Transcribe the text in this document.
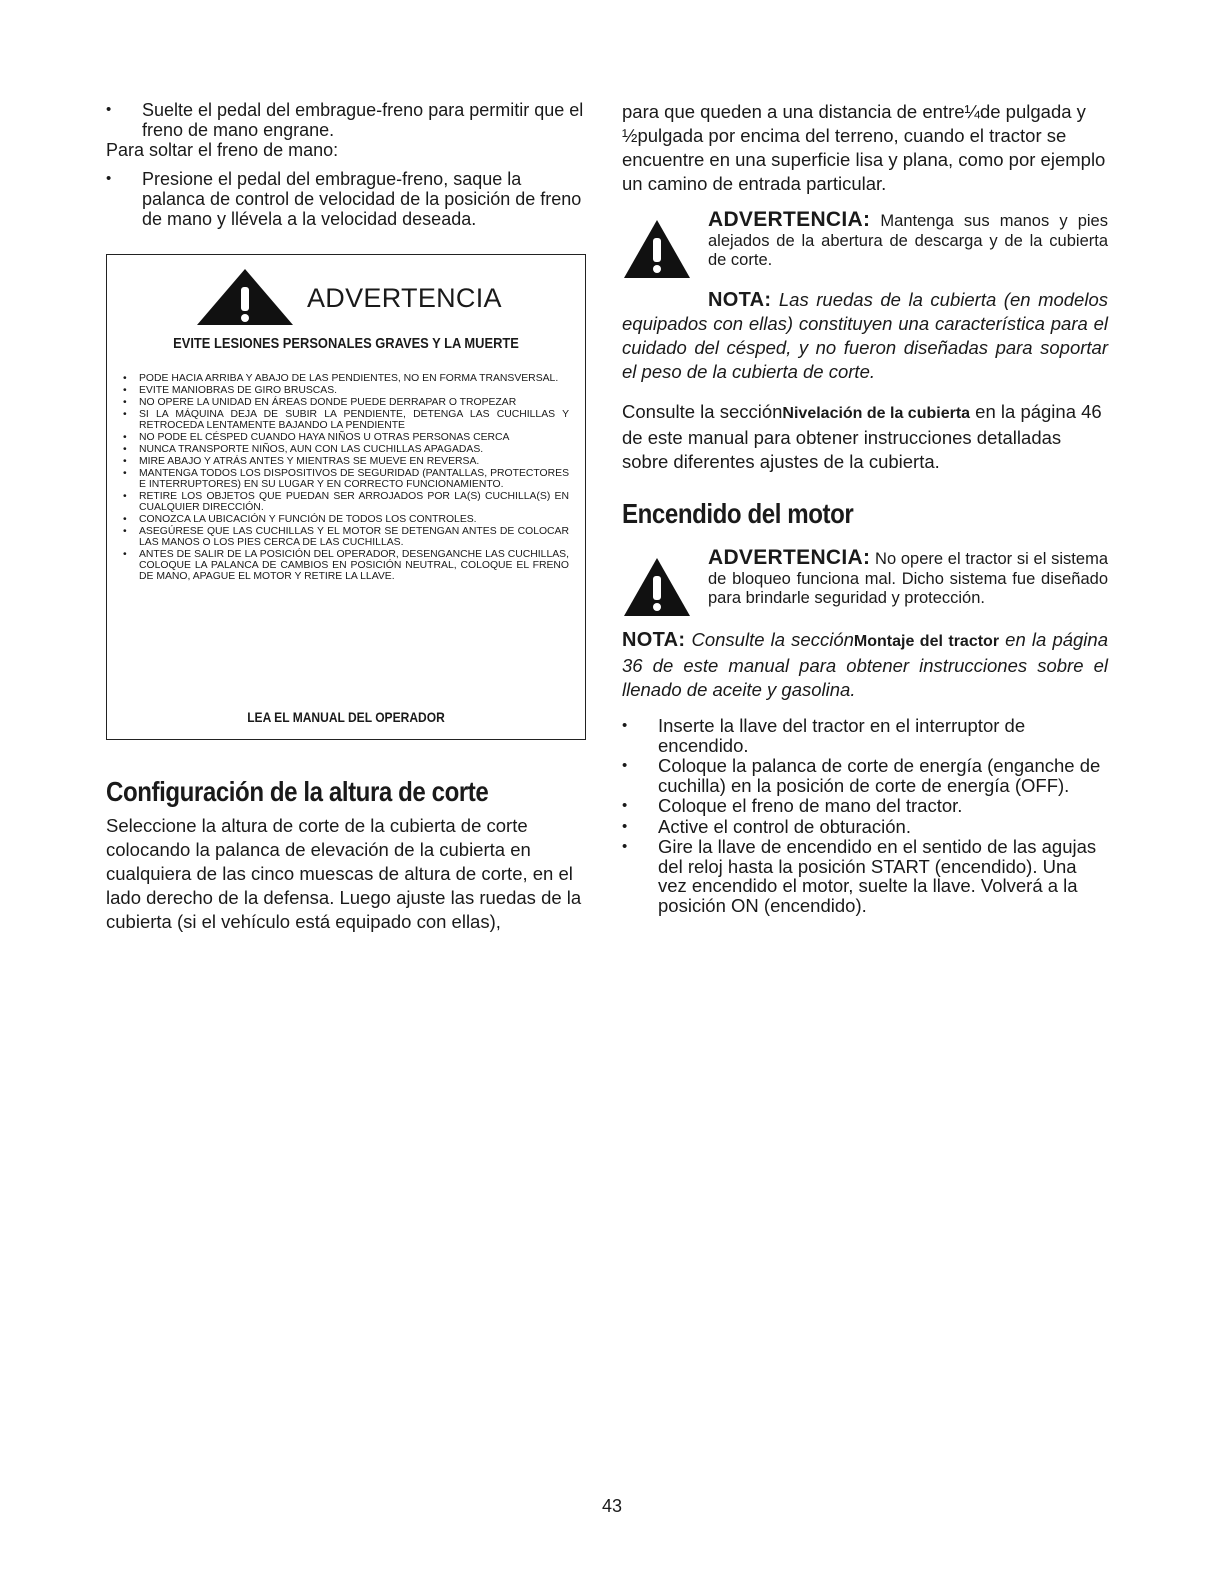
• Suelte el pedal del embrague-freno para permitir que el freno de mano engrane.

Para soltar el freno de mano:

• Presione el pedal del embrague-freno, saque la palanca de control de velocidad de la posición de freno de mano y llévela a la velocidad deseada.
ADVERTENCIA
EVITE LESIONES PERSONALES GRAVES Y LA MUERTE
• PODE HACIA ARRIBA Y ABAJO DE LAS PENDIENTES, NO EN FORMA TRANSVERSAL.
• EVITE MANIOBRAS DE GIRO BRUSCAS.
• NO OPERE LA UNIDAD EN ÁREAS DONDE PUEDE DERRAPAR O TROPEZAR
• SI LA MÁQUINA DEJA DE SUBIR LA PENDIENTE, DETENGA LAS CUCHILLAS Y RETROCEDA LENTAMENTE BAJANDO LA PENDIENTE
• NO PODE EL CÉSPED CUANDO HAYA NIÑOS U OTRAS PERSONAS CERCA
• NUNCA TRANSPORTE NIÑOS, AUN CON LAS CUCHILLAS APAGADAS.
• MIRE ABAJO Y ATRÁS ANTES Y MIENTRAS SE MUEVE EN REVERSA.
• MANTENGA TODOS LOS DISPOSITIVOS DE SEGURIDAD (PANTALLAS, PROTECTORES E INTERRUPTORES) EN SU LUGAR Y EN CORRECTO FUNCIONAMIENTO.
• RETIRE LOS OBJETOS QUE PUEDAN SER ARROJADOS POR LA(S) CUCHILLA(S) EN CUALQUIER DIRECCIÓN.
• CONOZCA LA UBICACIÓN Y FUNCIÓN DE TODOS LOS CONTROLES.
• ASEGÚRESE QUE LAS CUCHILLAS Y EL MOTOR SE DETENGAN ANTES DE COLOCAR LAS MANOS O LOS PIES CERCA DE LAS CUCHILLAS.
• ANTES DE SALIR DE LA POSICIÓN DEL OPERADOR, DESENGANCHE LAS CUCHILLAS, COLOQUE LA PALANCA DE CAMBIOS EN POSICIÓN NEUTRAL, COLOQUE EL FRENO DE MANO, APAGUE EL MOTOR Y RETIRE LA LLAVE.
LEA EL MANUAL DEL OPERADOR
Configuración de la altura de corte

Seleccione la altura de corte de la cubierta de corte colocando la palanca de elevación de la cubierta en cualquiera de las cinco muescas de altura de corte, en el lado derecho de la defensa. Luego ajuste las ruedas de la cubierta (si el vehículo está equipado con ellas),

para que queden a una distancia de entre¼de pulgada y ½pulgada por encima del terreno, cuando el tractor se encuentre en una superficie lisa y plana, como por ejemplo un camino de entrada particular.

ADVERTENCIA: Mantenga sus manos y pies alejados de la abertura de descarga y de la cubierta de corte.

NOTA: Las ruedas de la cubierta (en modelos equipados con ellas) constituyen una característica para el cuidado del césped, y no fueron diseñadas para soportar el peso de la cubierta de corte.

Consulte la secciónNivelación de la cubierta en la página 46 de este manual para obtener instrucciones detalladas sobre diferentes ajustes de la cubierta.

Encendido del motor
ADVERTENCIA: No opere el tractor si el sistema de bloqueo funciona mal. Dicho sistema fue diseñado para brindarle seguridad y protección.

NOTA: Consulte la secciónMontaje del tractor en la página 36 de este manual para obtener instrucciones sobre el llenado de aceite y gasolina.

• Inserte la llave del tractor en el interruptor de encendido.
• Coloque la palanca de corte de energía (enganche de cuchilla) en la posición de corte de energía (OFF).
• Coloque el freno de mano del tractor.
• Active el control de obturación.
• Gire la llave de encendido en el sentido de las agujas del reloj hasta la posición START (encendido). Una vez encendido el motor, suelte la llave. Volverá a la posición ON (encendido).
43
